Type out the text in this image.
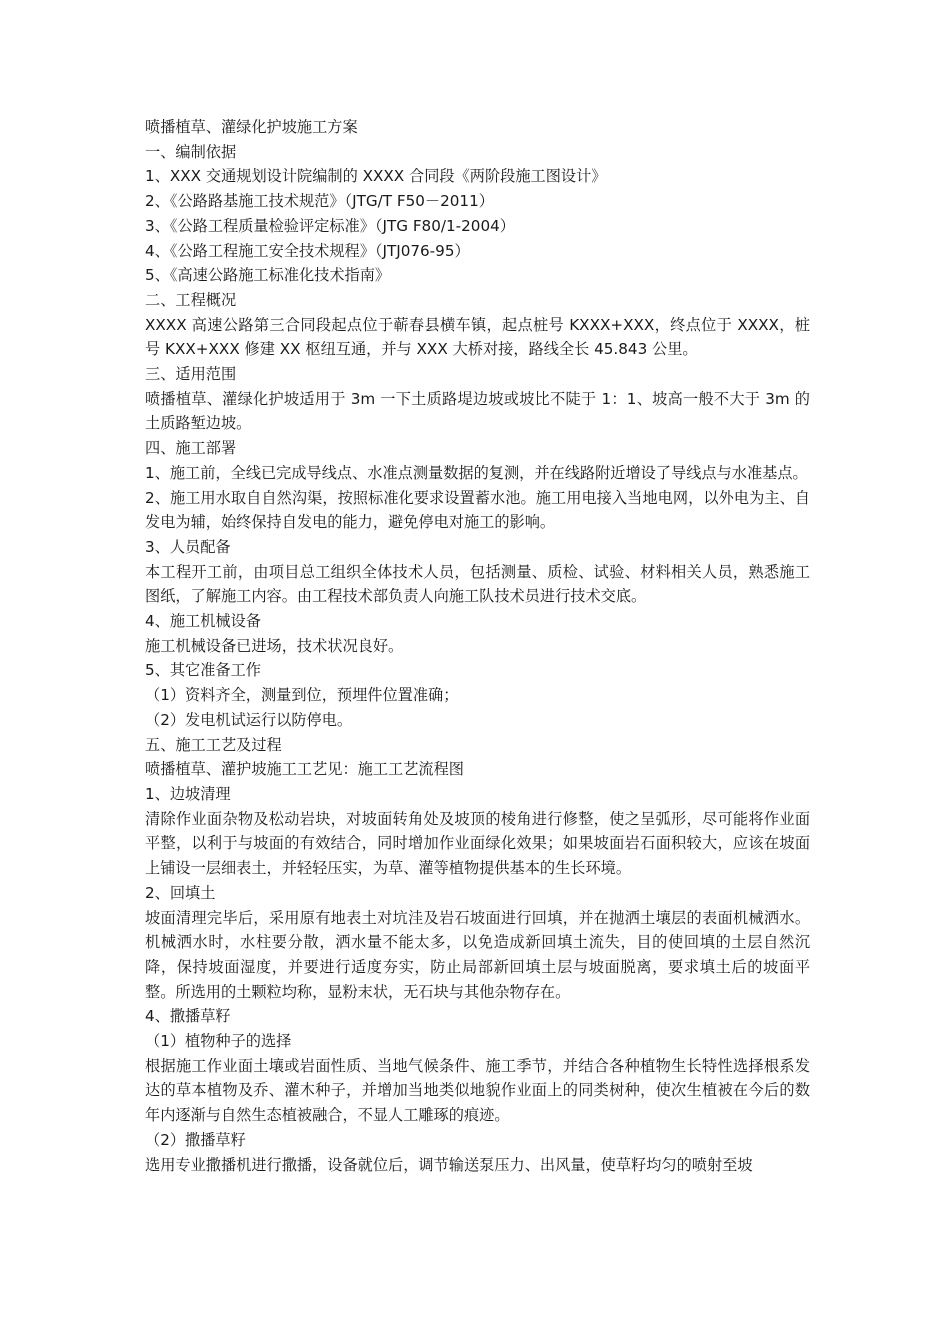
喷播植草、灌绿化护坡施工方案
一、编制依据
1、XXX 交通规划设计院编制的 XXXX 合同段《两阶段施工图设计》
2、《公路路基施工技术规范》（JTG/T F50－2011）
3、《公路工程质量检验评定标准》（JTG F80/1-2004）
4、《公路工程施工安全技术规程》（JTJ076-95）
5、《高速公路施工标准化技术指南》
二、工程概况
XXXX 高速公路第三合同段起点位于蕲春县横车镇，起点桩号 KXXX+XXX，终点位于 XXXX，桩号 KXX+XXX 修建 XX 枢纽互通，并与 XXX 大桥对接，路线全长 45.843 公里。
三、适用范围
喷播植草、灌绿化护坡适用于 3m 一下土质路堤边坡或坡比不陡于 1：1、坡高一般不大于 3m 的土质路堑边坡。
四、施工部署
1、施工前，全线已完成导线点、水准点测量数据的复测，并在线路附近增设了导线点与水准基点。
2、施工用水取自自然沟渠，按照标准化要求设置蓄水池。施工用电接入当地电网，以外电为主、自发电为辅，始终保持自发电的能力，避免停电对施工的影响。
3、人员配备
本工程开工前，由项目总工组织全体技术人员，包括测量、质检、试验、材料相关人员，熟悉施工图纸，了解施工内容。由工程技术部负责人向施工队技术员进行技术交底。
4、施工机械设备
施工机械设备已进场，技术状况良好。
5、其它准备工作
（1）资料齐全，测量到位，预埋件位置准确；
（2）发电机试运行以防停电。
五、施工工艺及过程
喷播植草、灌护坡施工工艺见：施工工艺流程图
1、边坡清理
清除作业面杂物及松动岩块，对坡面转角处及坡顶的棱角进行修整，使之呈弧形，尽可能将作业面平整，以利于与坡面的有效结合，同时增加作业面绿化效果；如果坡面岩石面积较大，应该在坡面上铺设一层细表土，并轻轻压实，为草、灌等植物提供基本的生长环境。
2、回填土
坡面清理完毕后，采用原有地表土对坑洼及岩石坡面进行回填，并在抛洒土壤层的表面机械洒水。机械洒水时，水柱要分散，洒水量不能太多，以免造成新回填土流失，目的使回填的土层自然沉降，保持坡面湿度，并要进行适度夯实，防止局部新回填土层与坡面脱离，要求填土后的坡面平整。所选用的土颗粒均称，显粉末状，无石块与其他杂物存在。
4、撒播草籽
（1）植物种子的选择
根据施工作业面土壤或岩面性质、当地气候条件、施工季节，并结合各种植物生长特性选择根系发达的草本植物及乔、灌木种子，并增加当地类似地貌作业面上的同类树种，使次生植被在今后的数年内逐渐与自然生态植被融合，不显人工雕琢的痕迹。
（2）撒播草籽
选用专业撒播机进行撒播，设备就位后，调节输送泵压力、出风量，使草籽均匀的喷射至坡
